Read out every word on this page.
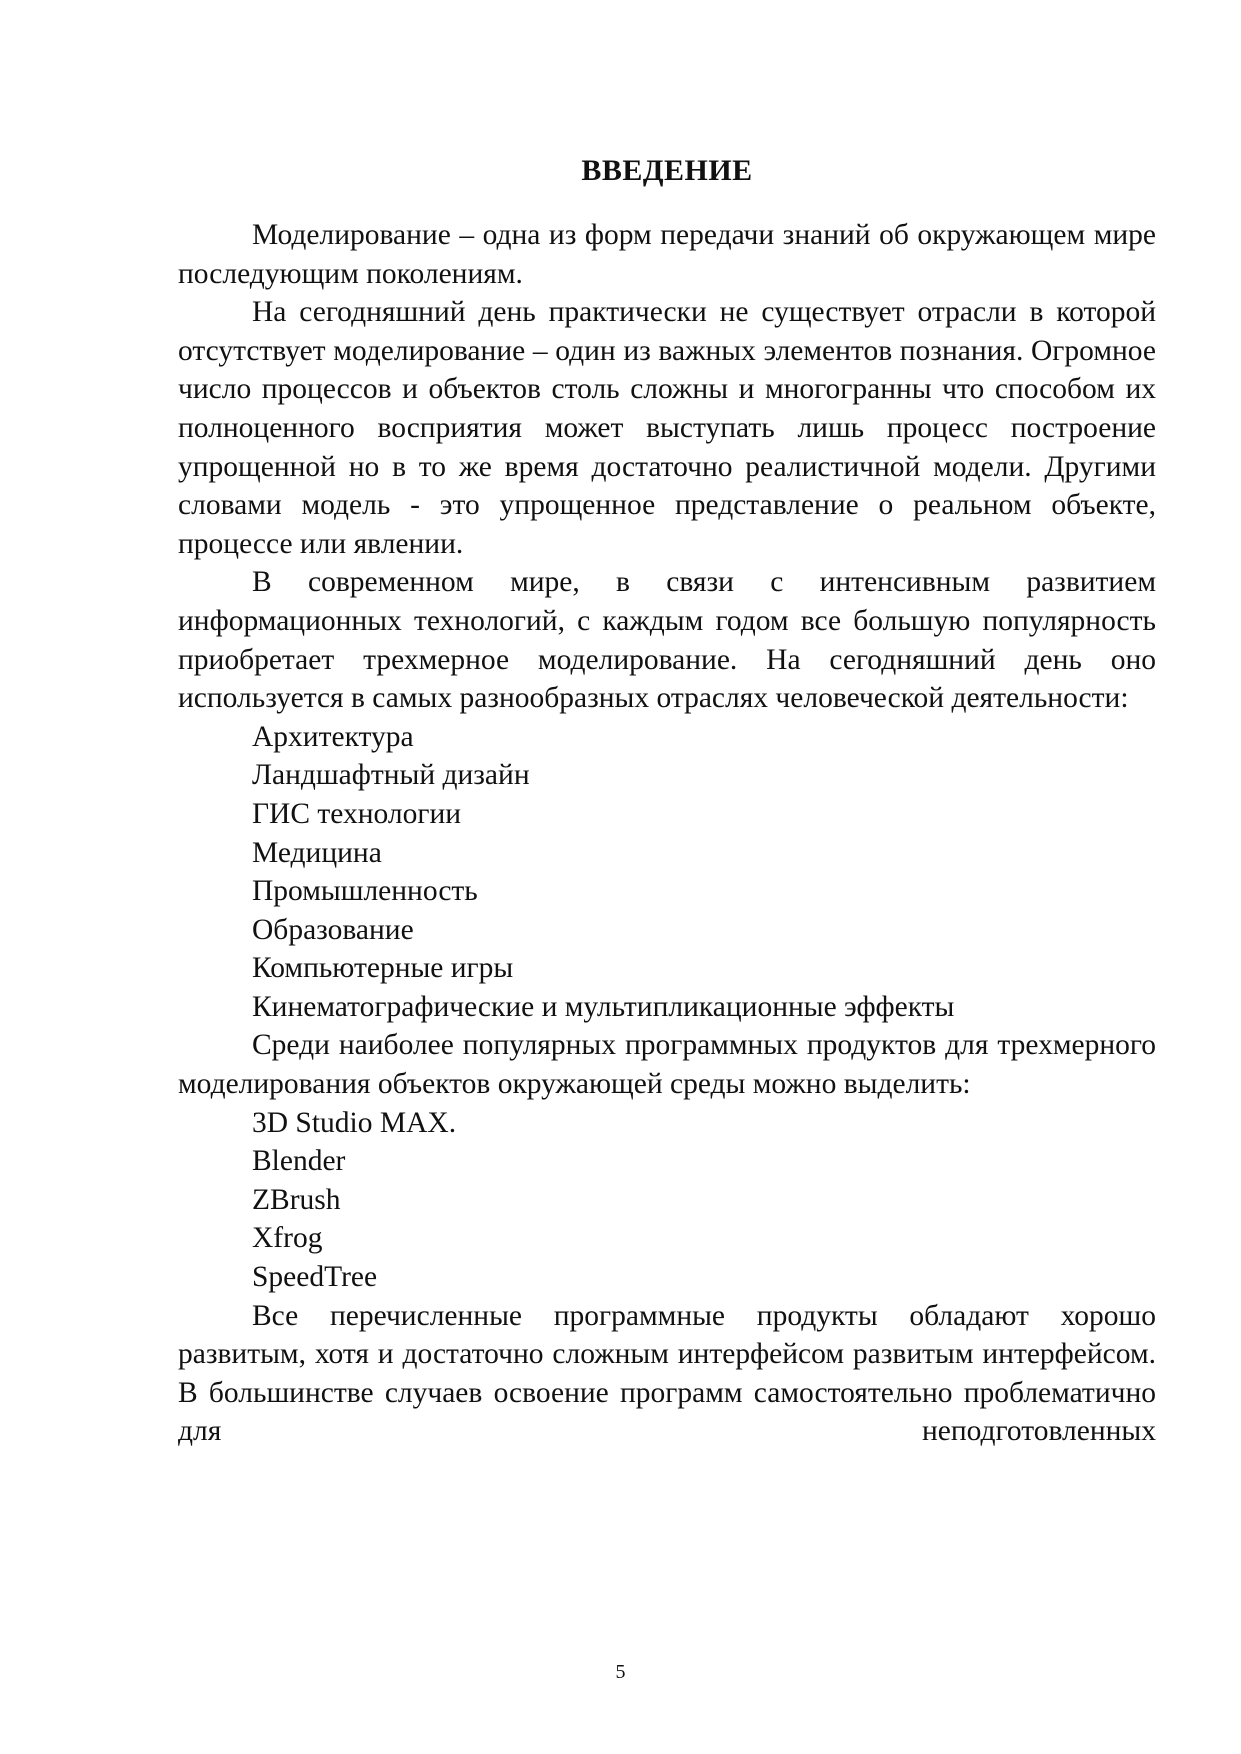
ВВЕДЕНИЕ

Моделирование – одна из форм передачи знаний об окружающем мире последующим поколениям.

На сегодняшний день практически не существует отрасли в которой отсутствует моделирование – один из важных элементов познания. Огромное число процессов и объектов столь сложны и многогранны что способом их полноценного восприятия может выступать лишь процесс построение упрощенной но в то же время достаточно реалистичной модели. Другими словами модель - это упрощенное представление о реальном объекте, процессе или явлении.

В современном мире, в связи с интенсивным развитием информационных технологий, с каждым годом все большую популярность приобретает трехмерное моделирование. На сегодняшний день оно используется в самых разнообразных отраслях человеческой деятельности:

Архитектура
Ландшафтный дизайн
ГИС технологии
Медицина
Промышленность
Образование
Компьютерные игры
Кинематографические и мультипликационные эффекты

Среди наиболее популярных программных продуктов для трехмерного моделирования объектов окружающей среды можно выделить:

3D Studio MAX.
Blender
ZBrush
Xfrog
SpeedTree

Все перечисленные программные продукты обладают хорошо развитым, хотя и достаточно сложным интерфейсом развитым интерфейсом. В большинстве случаев освоение программ самостоятельно проблематично для неподготовленных

5
